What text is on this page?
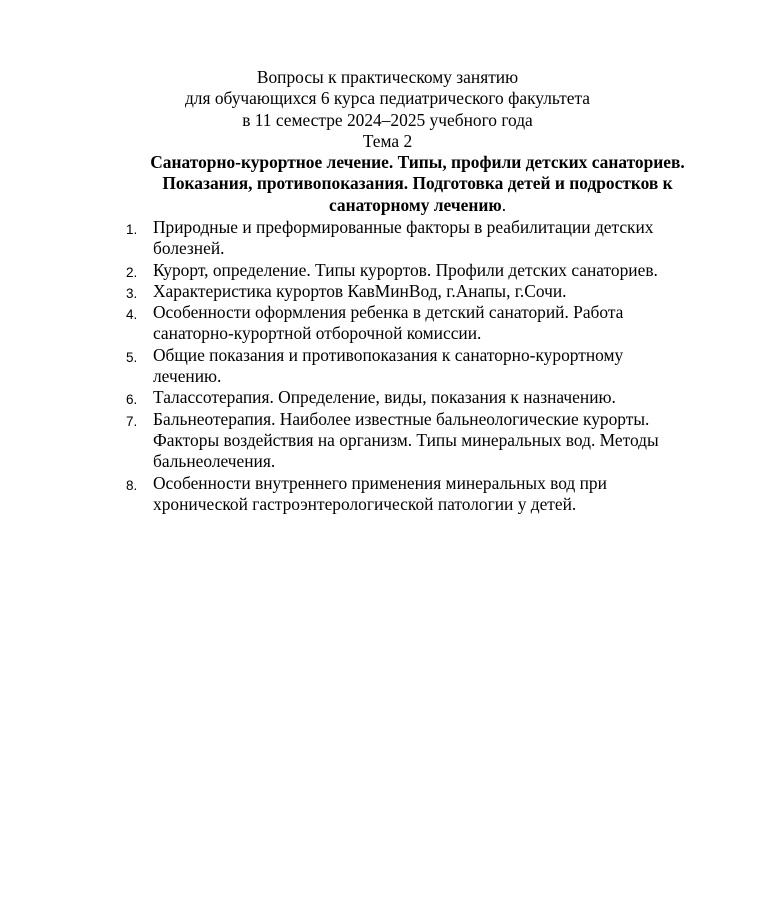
Вопросы к практическому занятию
для обучающихся 6 курса педиатрического факультета
в 11 семестре 2024–2025 учебного года
Тема 2
Санаторно-курортное лечение. Типы, профили детских санаториев.
Показания, противопоказания. Подготовка детей и подростков к
санаторному лечению.
1. Природные и преформированные факторы в реабилитации детских
болезней.
2. Курорт, определение. Типы курортов. Профили детских санаториев.
3. Характеристика курортов КавМинВод, г.Анапы, г.Сочи.
4. Особенности оформления ребенка в детский санаторий. Работа
санаторно-курортной отборочной комиссии.
5. Общие показания и противопоказания к санаторно-курортному
лечению.
6. Талассотерапия. Определение, виды, показания к назначению.
7. Бальнеотерапия. Наиболее известные бальнеологические курорты.
Факторы воздействия на организм. Типы минеральных вод. Методы
бальнеолечения.
8. Особенности внутреннего применения минеральных вод при
хронической гастроэнтерологической патологии у детей.
